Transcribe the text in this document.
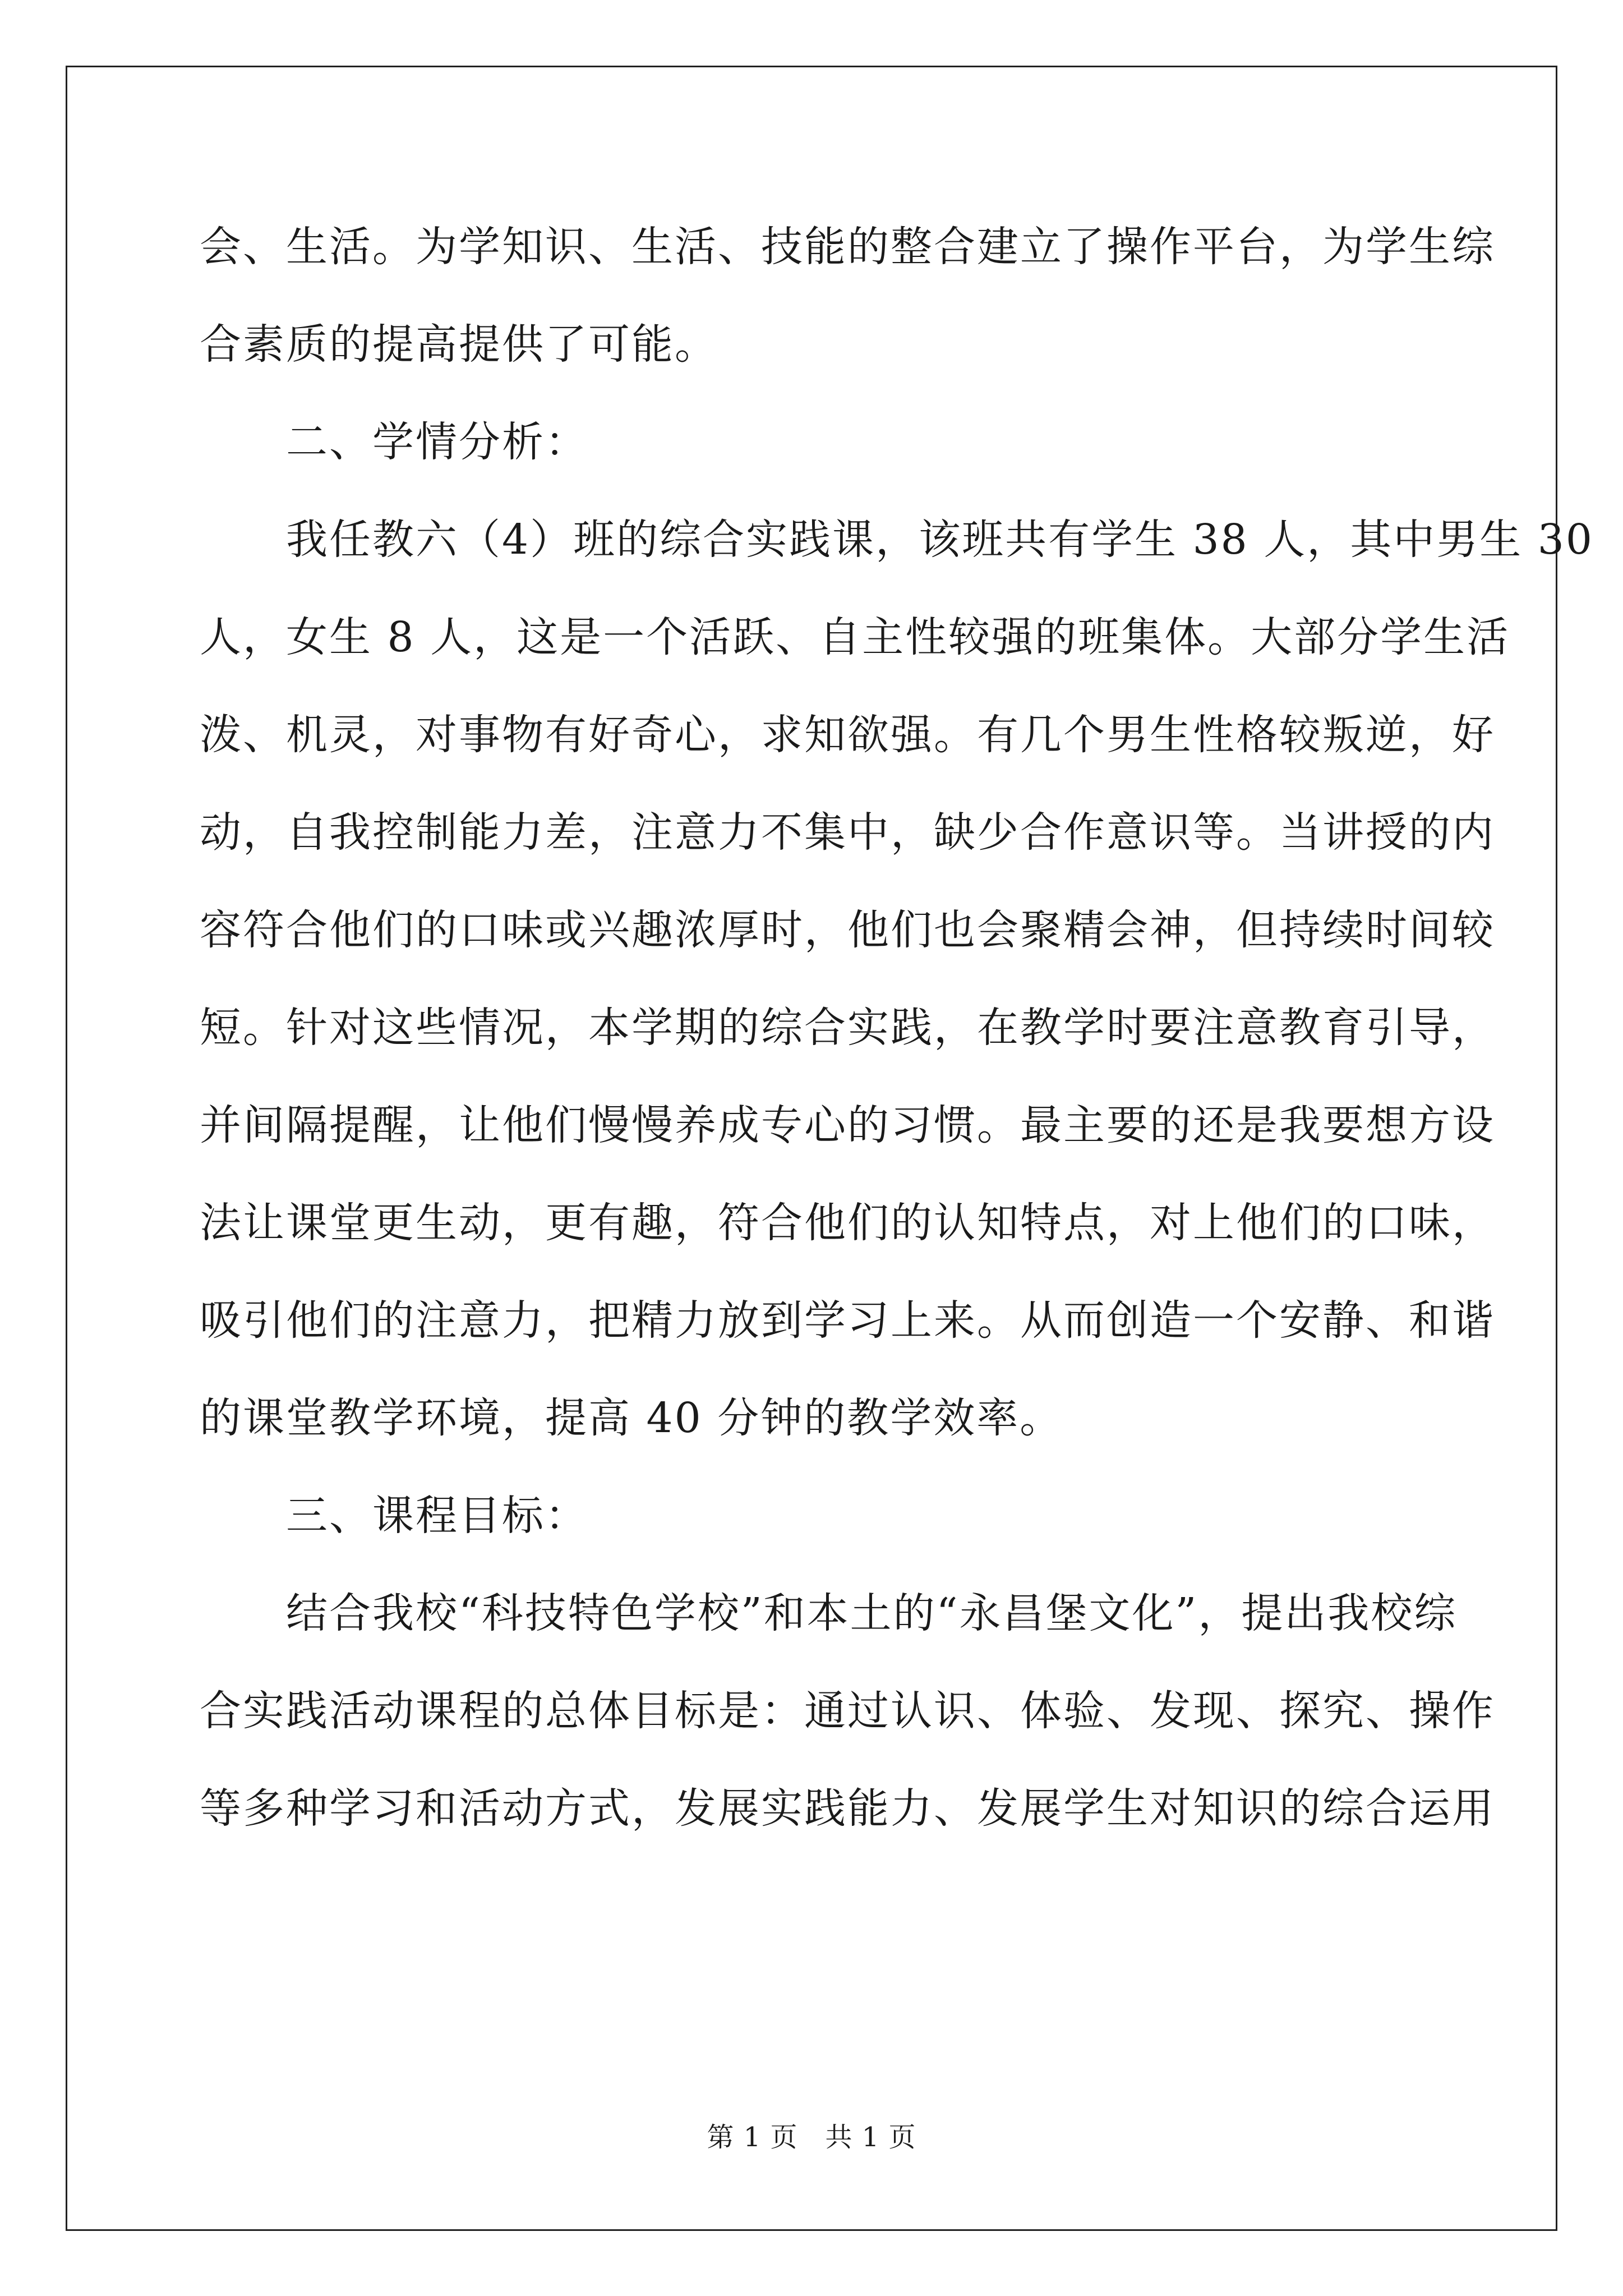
会、生活。为学知识、生活、技能的整合建立了操作平台，为学生综
合素质的提高提供了可能。
　　二、学情分析：
　　我任教六（4）班的综合实践课，该班共有学生 38 人，其中男生 30
人，女生 8 人，这是一个活跃、自主性较强的班集体。大部分学生活
泼、机灵，对事物有好奇心，求知欲强。有几个男生性格较叛逆，好
动，自我控制能力差，注意力不集中，缺少合作意识等。当讲授的内
容符合他们的口味或兴趣浓厚时，他们也会聚精会神，但持续时间较
短。针对这些情况，本学期的综合实践，在教学时要注意教育引导，
并间隔提醒，让他们慢慢养成专心的习惯。最主要的还是我要想方设
法让课堂更生动，更有趣，符合他们的认知特点，对上他们的口味，
吸引他们的注意力，把精力放到学习上来。从而创造一个安静、和谐
的课堂教学环境，提高 40 分钟的教学效率。
　　三、课程目标：
　　结合我校“科技特色学校”和本土的“永昌堡文化”，提出我校综
合实践活动课程的总体目标是：通过认识、体验、发现、探究、操作
等多种学习和活动方式，发展实践能力、发展学生对知识的综合运用
第 1 页　共 1 页
